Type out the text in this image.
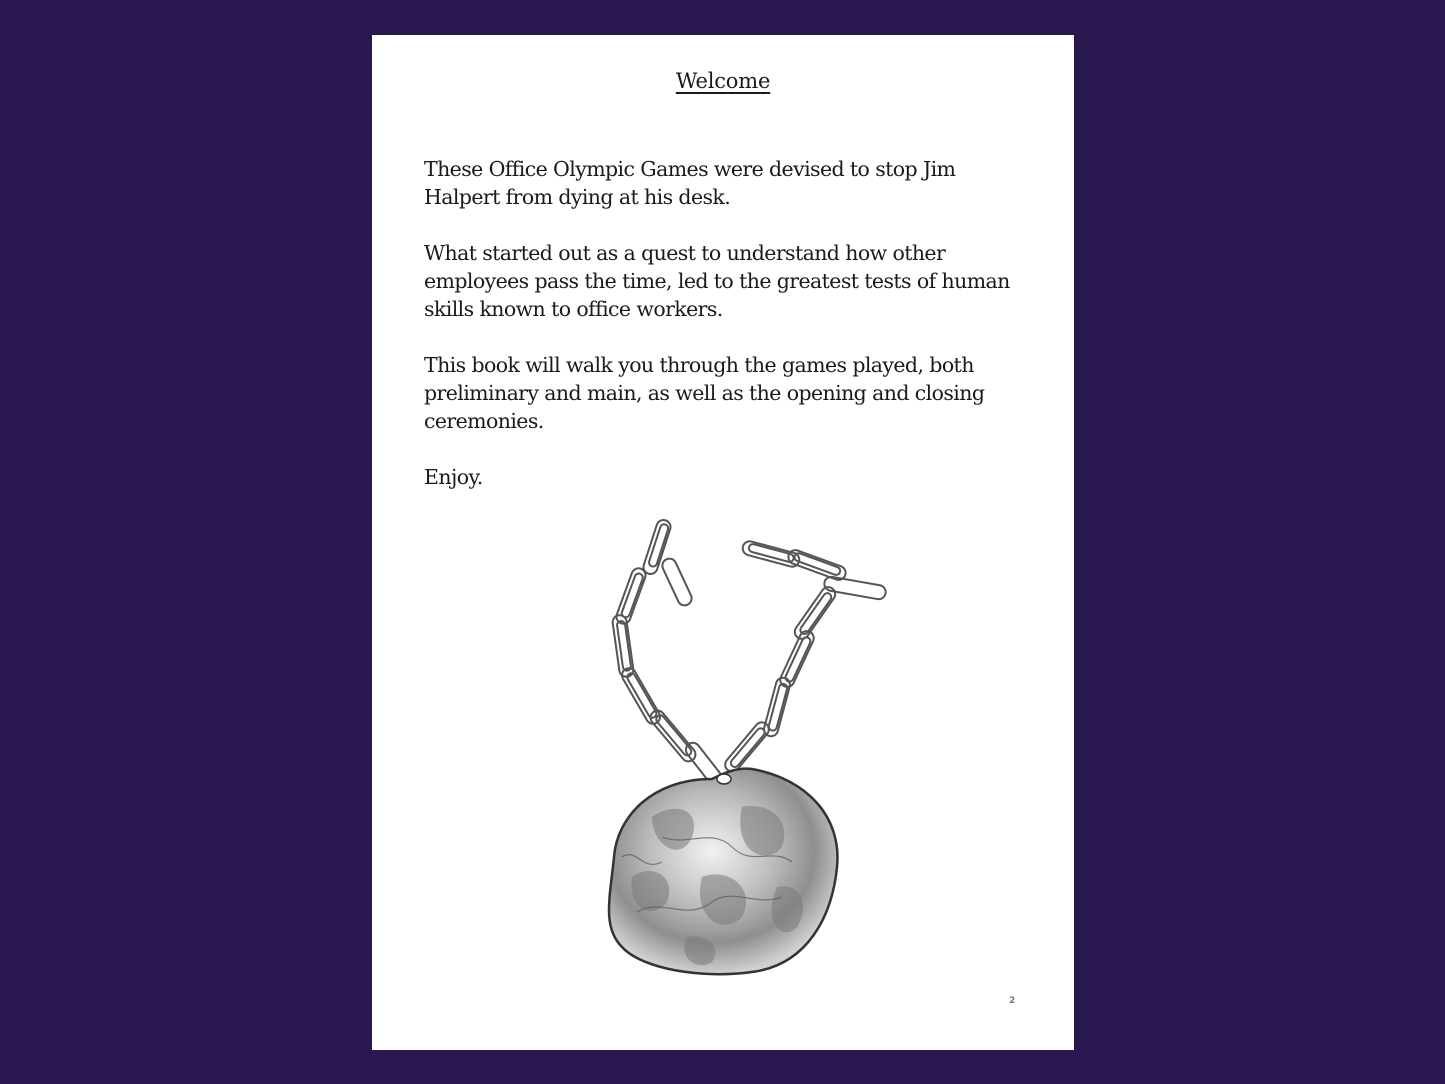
Welcome

These Office Olympic Games were devised to stop Jim Halpert from dying at his desk.

What started out as a quest to understand how other employees pass the time, led to the greatest tests of human skills known to office workers.

This book will walk you through the games played, both preliminary and main, as well as the opening and closing ceremonies.

Enjoy.

2
